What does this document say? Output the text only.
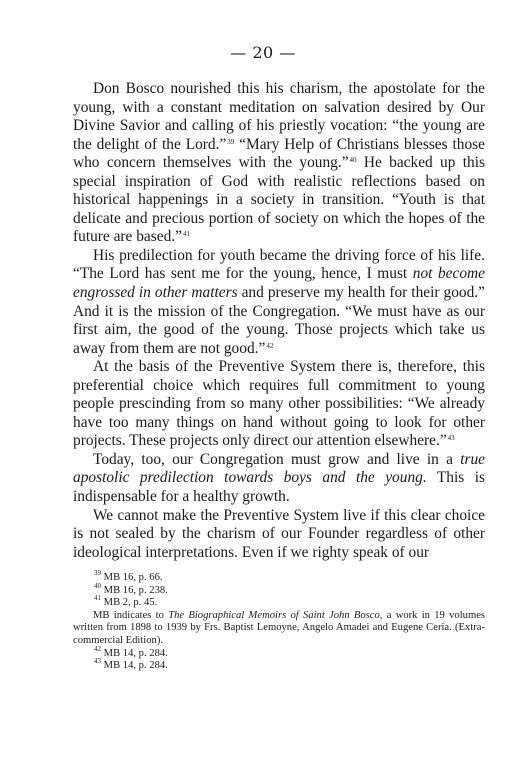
— 20 —

Don Bosco nourished this his charism, the apostolate for the young, with a constant meditation on salvation desired by Our Divine Savior and calling of his priestly vocation: “the young are the delight of the Lord.”$^{39}$ “Mary Help of Christians blesses those who concern themselves with the young.”$^{40}$ He backed up this special inspiration of God with realistic reflections based on historical happenings in a society in transition. “Youth is that delicate and precious portion of society on which the hopes of the future are based.”$^{41}$

His predilection for youth became the driving force of his life. “The Lord has sent me for the young, hence, I must not become engrossed in other matters and preserve my health for their good.” And it is the mission of the Congregation. “We must have as our first aim, the good of the young. Those projects which take us away from them are not good.”$^{42}$

At the basis of the Preventive System there is, therefore, this preferential choice which requires full commitment to young people prescinding from so many other possibilities: “We already have too many things on hand without going to look for other projects. These projects only direct our attention elsewhere.”$^{43}$

Today, too, our Congregation must grow and live in a true apostolic predilection towards boys and the young. This is indispensable for a healthy growth.

We cannot make the Preventive System live if this clear choice is not sealed by the charism of our Founder regardless of other ideological interpretations. Even if we righty speak of our

$^{39}$ MB 16, p. 66.
$^{40}$ MB 16, p. 238.
$^{41}$ MB 2, p. 45.
MB indicates to The Biographical Memoirs of Saint John Bosco, a work in 19 volumes written from 1898 to 1939 by Frs. Baptist Lemoyne, Angelo Amadei and Eugene Ceria. (Extra-commercial Edition).
$^{42}$ MB 14, p. 284.
$^{43}$ MB 14, p. 284.
